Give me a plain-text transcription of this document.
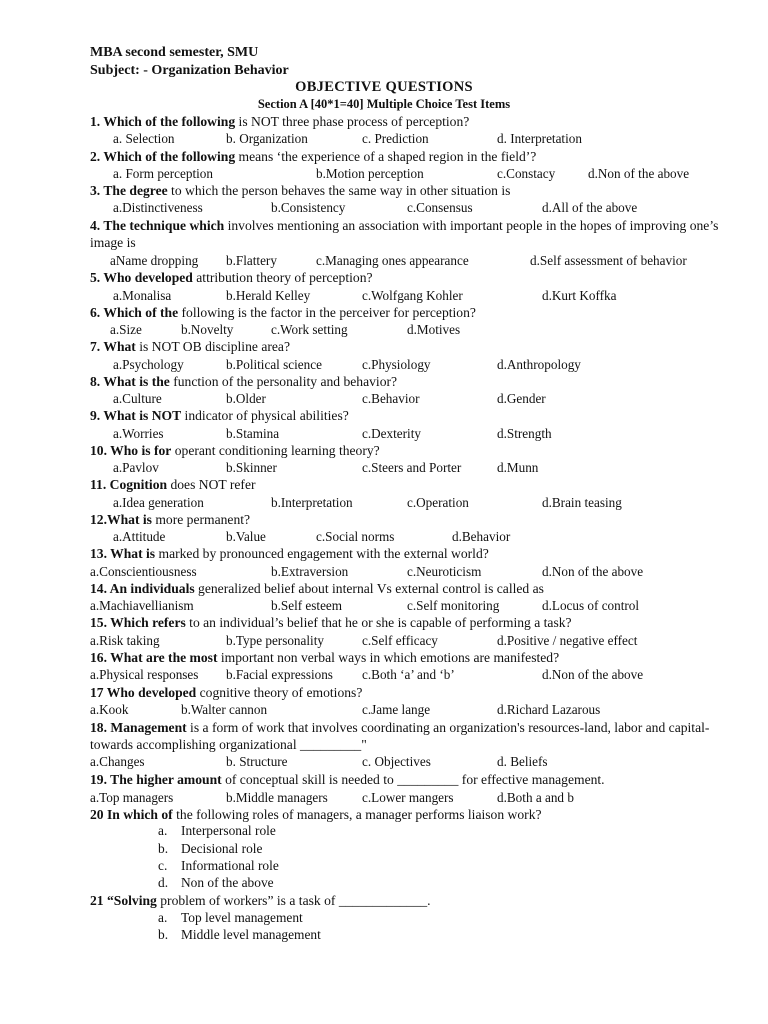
MBA second semester, SMU
Subject: - Organization Behavior
OBJECTIVE QUESTIONS
Section A [40*1=40] Multiple Choice Test Items

1. Which of the following is NOT three phase process of perception?

a. Selection	b. Organization	c. Prediction	d. Interpretation

2. Which of the following means ‘the experience of a shaped region in the field’?

a. Form perception	b.Motion perception	c.Constacy d.Non of the above

3. The degree to which the person behaves the same way in other situation is

a.Distinctiveness	b.Consistency	c.Consensus	d.All of the above

4. The technique which involves mentioning an association with important people in the hopes of improving one’s image is

aName dropping b.Flattery	c.Managing ones appearance	d.Self assessment of behavior

5. Who developed attribution theory of perception?

a.Monalisa	b.Herald Kelley	c.Wolfgang Kohler	d.Kurt Koffka

6. Which of the following is the factor in the perceiver for perception?

a.Size	b.Novelty	c.Work setting	d.Motives

7. What is NOT OB discipline area?

a.Psychology	b.Political science	c.Physiology	d.Anthropology

8. What is the function of the personality and behavior?

a.Culture	b.Older	c.Behavior	d.Gender

9. What is NOT indicator of physical abilities?

a.Worries	b.Stamina	c.Dexterity	d.Strength

10. Who is for operant conditioning learning theory?

a.Pavlov	b.Skinner	c.Steers and Porter	d.Munn

11. Cognition does NOT refer

a.Idea generation	b.Interpretation	c.Operation	d.Brain teasing

12.What is more permanent?

a.Attitude	b.Value	c.Social norms	d.Behavior

13. What is marked by pronounced engagement with the external world?

a.Conscientiousness	b.Extraversion	c.Neuroticism	d.Non of the above

14. An individuals generalized belief about internal Vs external control is called as

a.Machiavellianism	b.Self esteem	c.Self monitoring	d.Locus of control

15. Which refers to an individual’s belief that he or she is capable of performing a task?

a.Risk taking	b.Type personality	c.Self efficacy	d.Positive / negative effect

16. What are the most important non verbal ways in which emotions are manifested?

a.Physical responses b.Facial expressions c.Both ‘a’ and ‘b’	d.Non of the above

17 Who developed cognitive theory of emotions?

a.Kook	b.Walter cannon	c.Jame lange	d.Richard Lazarous

18. Management is a form of work that involves coordinating an organization's resources-land, labor and capital-towards accomplishing organizational _________"

a.Changes	b. Structure	c. Objectives	d. Beliefs

19. The higher amount of conceptual skill is needed to _________ for effective management.

a.Top managers	b.Middle managers	c.Lower mangers	d.Both a and b

20 In which of the following roles of managers, a manager performs liaison work?

a. Interpersonal role
b. Decisional role
c. Informational role
d. Non of the above

21 “Solving problem of workers” is a task of _____________.

a. Top level management
b. Middle level management
